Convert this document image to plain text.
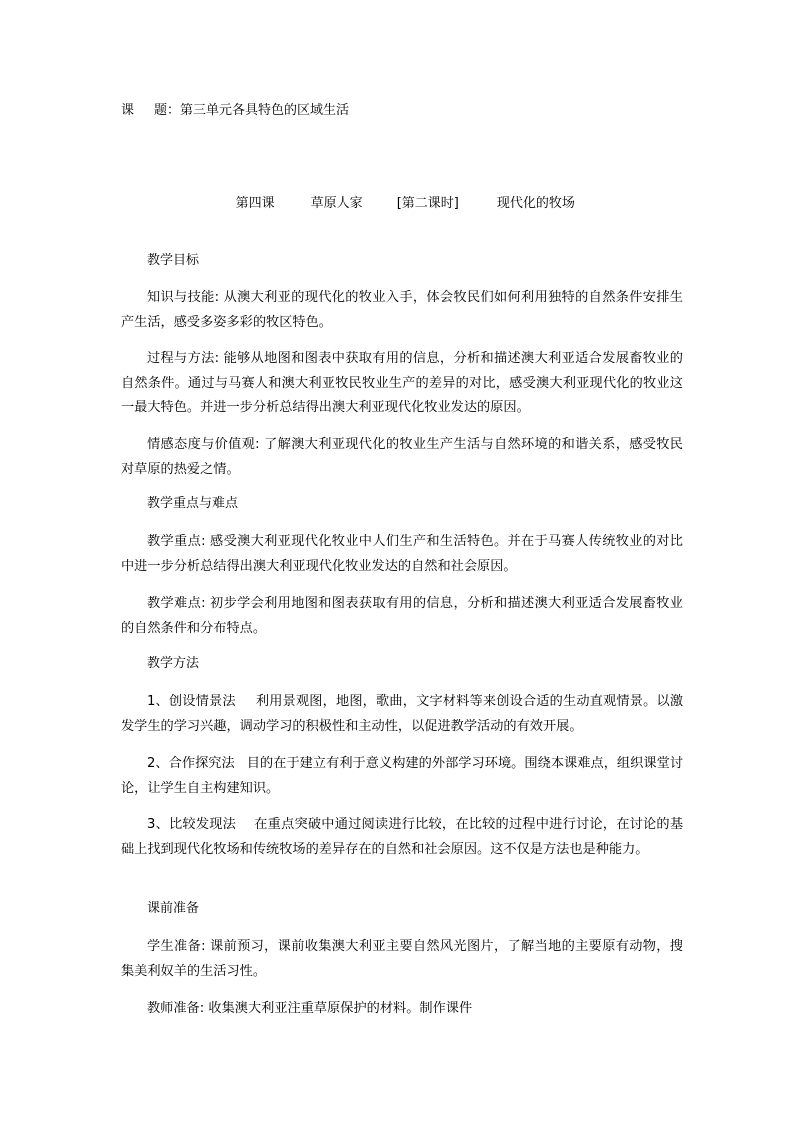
课 题：第三单元各具特色的区域生活

第四课	草原人家	[第二课时]	现代化的牧场

教学目标
知识与技能: 从澳大利亚的现代化的牧业入手，体会牧民们如何利用独特的自然条件安排生产生活，感受多姿多彩的牧区特色。
过程与方法: 能够从地图和图表中获取有用的信息，分析和描述澳大利亚适合发展畜牧业的自然条件。通过与马赛人和澳大利亚牧民牧业生产的差异的对比，感受澳大利亚现代化的牧业这一最大特色。并进一步分析总结得出澳大利亚现代化牧业发达的原因。
情感态度与价值观: 了解澳大利亚现代化的牧业生产生活与自然环境的和谐关系，感受牧民对草原的热爱之情。
教学重点与难点
教学重点: 感受澳大利亚现代化牧业中人们生产和生活特色。并在于马赛人传统牧业的对比中进一步分析总结得出澳大利亚现代化牧业发达的自然和社会原因。
教学难点: 初步学会利用地图和图表获取有用的信息，分析和描述澳大利亚适合发展畜牧业的自然条件和分布特点。
教学方法
1、创设情景法 利用景观图，地图，歌曲，文字材料等来创设合适的生动直观情景。以激发学生的学习兴趣，调动学习的积极性和主动性，以促进教学活动的有效开展。
2、合作探究法 目的在于建立有利于意义构建的外部学习环境。围绕本课难点，组织课堂讨论，让学生自主构建知识。
3、比较发现法 在重点突破中通过阅读进行比较，在比较的过程中进行讨论，在讨论的基础上找到现代化牧场和传统牧场的差异存在的自然和社会原因。这不仅是方法也是种能力。
课前准备
学生准备: 课前预习，课前收集澳大利亚主要自然风光图片，了解当地的主要原有动物，搜集美利奴羊的生活习性。
教师准备: 收集澳大利亚注重草原保护的材料。制作课件
